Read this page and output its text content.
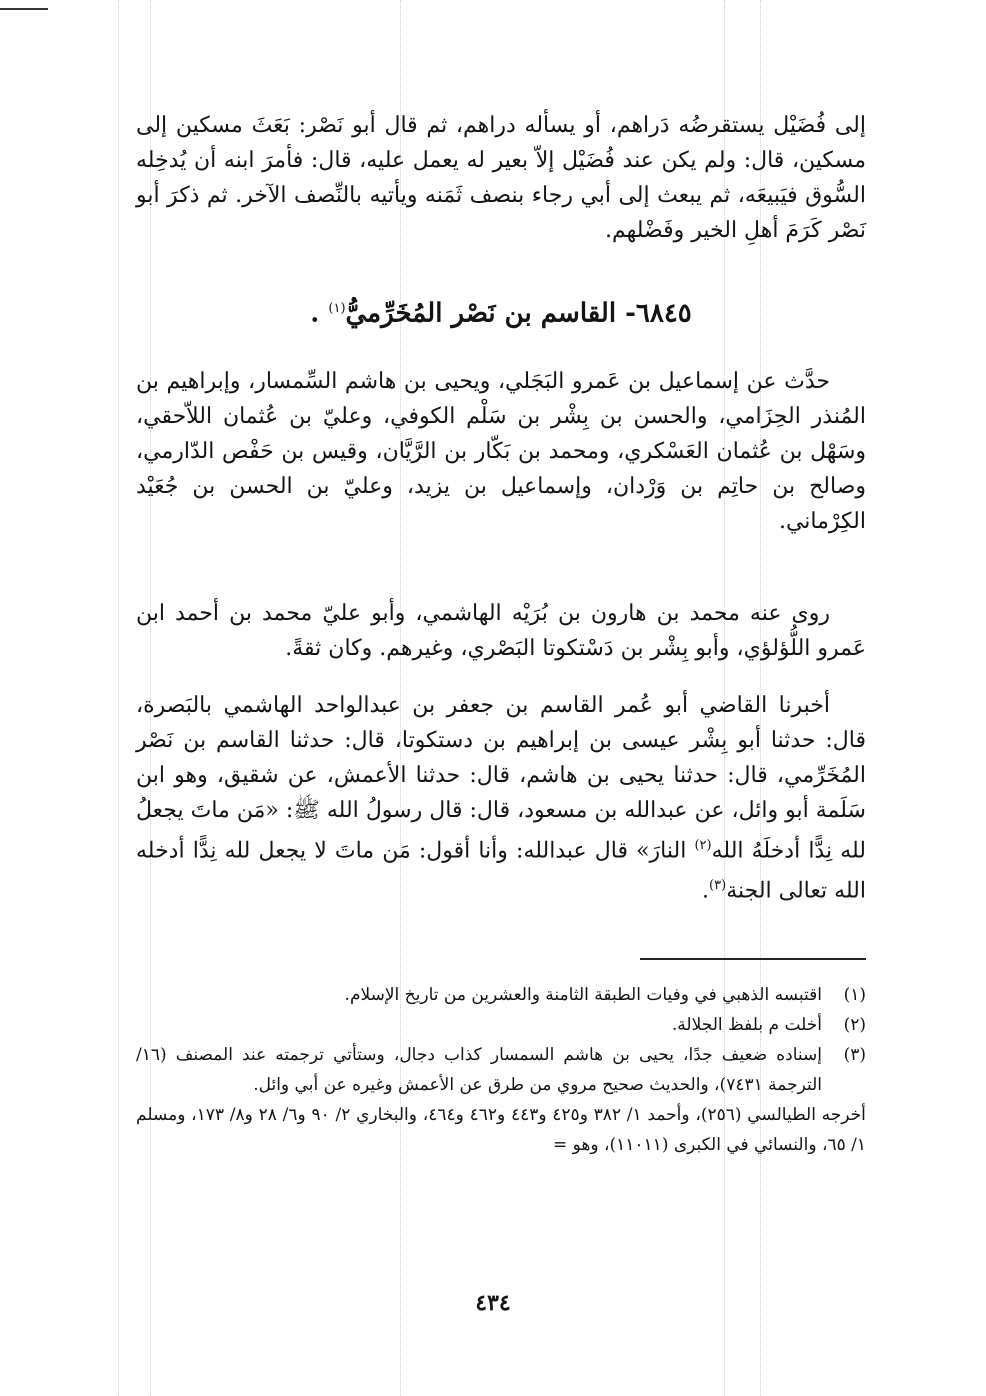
إلى فُضَيْل يستقرضُه دَراهم، أو يسأله دراهم، ثم قال أبو نَصْر: بَعَثَ مسكين إلى مسكين، قال: ولم يكن عند فُضَيْل إلاّ بعير له يعمل عليه، قال: فأمرَ ابنه أن يُدخِله السُّوق فيَبيعَه، ثم يبعث إلى أبي رجاء بنصف ثَمَنه ويأتيه بالنِّصف الآخر. ثم ذكرَ أبو نَصْر كَرَمَ أهلِ الخير وفَضْلهم.

٦٨٤٥- القاسم بن نَصْر المُخَرِّميُّ$^{(١)}$ .

حدَّث عن إسماعيل بن عَمرو البَجَلي، ويحيى بن هاشم السِّمسار، وإبراهيم بن المُنذر الحِزَامي، والحسن بن بِشْر بن سَلْم الكوفي، وعليّ بن عُثمان اللاّحقي، وسَهْل بن عُثمان العَسْكري، ومحمد بن بَكّار بن الرَّيَّان، وقيس بن حَفْص الدّارمي، وصالح بن حاتِم بن وَرْدان، وإسماعيل بن يزيد، وعليّ بن الحسن بن جُعَيْد الكِرْماني.

روى عنه محمد بن هارون بن بُرَيْه الهاشمي، وأبو عليّ محمد بن أحمد ابن عَمرو اللُّؤلؤي، وأبو بِشْر بن دَسْتكوتا البَصْري، وغيرهم. وكان ثقةً.

أخبرنا القاضي أبو عُمر القاسم بن جعفر بن عبدالواحد الهاشمي بالبَصرة، قال: حدثنا أبو بِشْر عيسى بن إبراهيم بن دستكوتا، قال: حدثنا القاسم بن نَصْر المُخَرِّمي، قال: حدثنا يحيى بن هاشم، قال: حدثنا الأعمش، عن شقيق، وهو ابن سَلَمة أبو وائل، عن عبدالله بن مسعود، قال: قال رسولُ الله ﷺ: «مَن ماتَ يجعلُ لله نِدًّا أدخلَهُ الله$^{(٢)}$ النارَ» قال عبدالله: وأنا أقول: مَن ماتَ لا يجعل لله نِدًّا أدخله الله تعالى الجنة$^{(٣)}$.

(١)
اقتبسه الذهبي في وفيات الطبقة الثامنة والعشرين من تاريخ الإسلام.
(٢)
أخلت م بلفظ الجلالة.
(٣)
إسناده ضعيف جدًا، يحيى بن هاشم السمسار كذاب دجال، وستأتي ترجمته عند المصنف (١٦/الترجمة ٧٤٣١)، والحديث صحيح مروي من طرق عن الأعمش وغيره عن أبي وائل.
أخرجه الطيالسي (٢٥٦)، وأحمد ١/ ٣٨٢ و٤٢٥ و٤٤٣ و٤٦٢ و٤٦٤، والبخاري ٢/ ٩٠ و٦/ ٢٨ و٨/ ١٧٣، ومسلم ١/ ٦٥، والنسائي في الكبرى (١١٠١١)، وهو =
٤٣٤
